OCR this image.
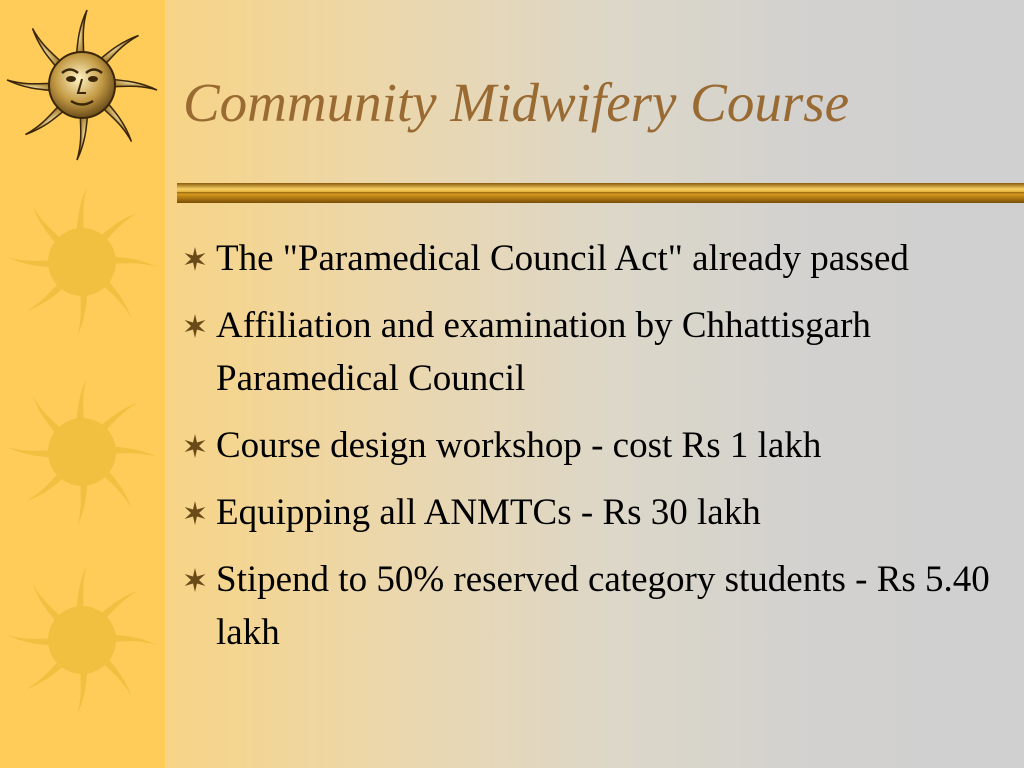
Community Midwifery Course
The "Paramedical Council Act" already passed
Affiliation and examination by Chhattisgarh Paramedical Council
Course design workshop - cost Rs 1 lakh
Equipping all ANMTCs - Rs 30 lakh
Stipend to 50% reserved category students - Rs 5.40 lakh
